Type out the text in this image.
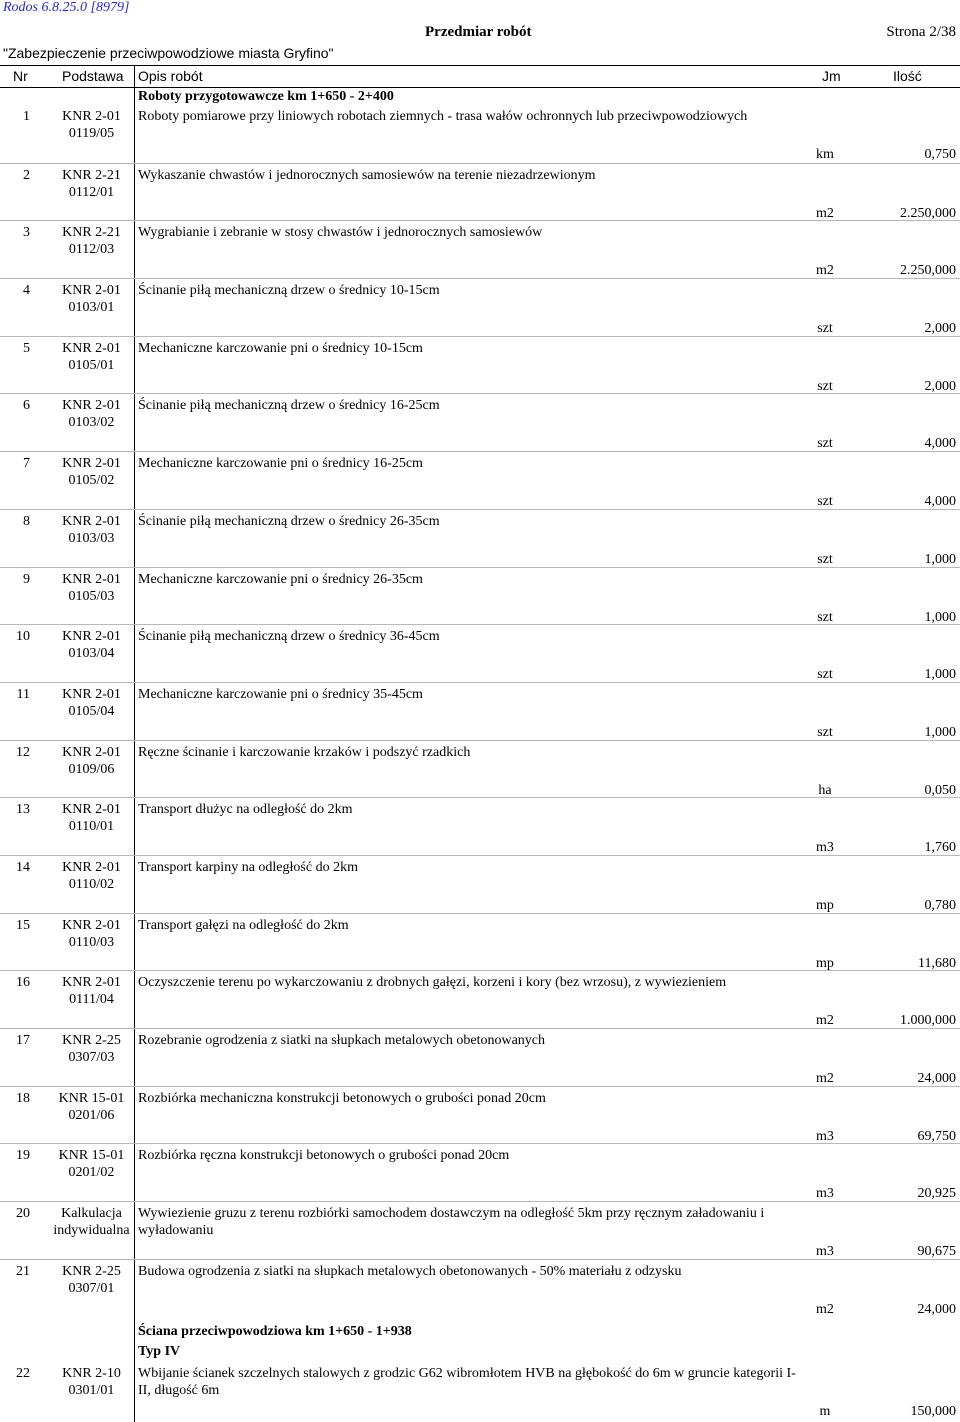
Rodos 6.8.25.0 [8979]
Przedmiar robót	Strona 2/38
"Zabezpieczenie przeciwpowodziowe miasta Gryfino"
Nr Podstawa Opis robót	Jm	Ilość
Roboty przygotowawcze km 1+650 - 2+400
1	KNR 2-01
0119/05
Roboty pomiarowe przy liniowych robotach ziemnych - trasa wałów ochronnych lub przeciwpowodziowych
km	0,750
2	KNR 2-21
0112/01
Wykaszanie chwastów i jednorocznych samosiewów na terenie niezadrzewionym
m2	2.250,000
3	KNR 2-21
0112/03
Wygrabianie i zebranie w stosy chwastów i jednorocznych samosiewów
m2	2.250,000
4	KNR 2-01
0103/01
Ścinanie piłą mechaniczną drzew o średnicy 10-15cm
szt	2,000
5	KNR 2-01
0105/01
Mechaniczne karczowanie pni o średnicy 10-15cm
szt	2,000
6	KNR 2-01
0103/02
Ścinanie piłą mechaniczną drzew o średnicy 16-25cm
szt	4,000
7	KNR 2-01
0105/02
Mechaniczne karczowanie pni o średnicy 16-25cm
szt	4,000
8	KNR 2-01
0103/03
Ścinanie piłą mechaniczną drzew o średnicy 26-35cm
szt	1,000
9	KNR 2-01
0105/03
Mechaniczne karczowanie pni o średnicy 26-35cm
szt	1,000
10	KNR 2-01
0103/04
Ścinanie piłą mechaniczną drzew o średnicy 36-45cm
szt	1,000
11	KNR 2-01
0105/04
Mechaniczne karczowanie pni o średnicy 35-45cm
szt	1,000
12	KNR 2-01
0109/06
Ręczne ścinanie i karczowanie krzaków i podszyć rzadkich
ha	0,050
13	KNR 2-01
0110/01
Transport dłużyc na odległość do 2km
m3	1,760
14	KNR 2-01
0110/02
Transport karpiny na odległość do 2km
mp	0,780
15	KNR 2-01
0110/03
Transport gałęzi na odległość do 2km
mp	11,680
16	KNR 2-01
0111/04
Oczyszczenie terenu po wykarczowaniu z drobnych gałęzi, korzeni i kory (bez wrzosu), z wywiezieniem
m2	1.000,000
17	KNR 2-25
0307/03
Rozebranie ogrodzenia z siatki na słupkach metalowych obetonowanych
m2	24,000
18	KNR 15-01
0201/06
Rozbiórka mechaniczna konstrukcji betonowych o grubości ponad 20cm
m3	69,750
19	KNR 15-01
0201/02
Rozbiórka ręczna konstrukcji betonowych o grubości ponad 20cm
m3	20,925
20	Kalkulacja
indywidualna
Wywiezienie gruzu z terenu rozbiórki samochodem dostawczym na odległość 5km przy ręcznym załadowaniu i wyładowaniu
m3	90,675
21	KNR 2-25
0307/01
Budowa ogrodzenia z siatki na słupkach metalowych obetonowanych - 50% materiału z odzysku
m2	24,000
Ściana przeciwpowodziowa km 1+650 - 1+938
Typ IV
22	KNR 2-10
0301/01
Wbijanie ścianek szczelnych stalowych z grodzic G62 wibromłotem HVB na głębokość do 6m w gruncie kategorii I-II, długość 6m
m	150,000
